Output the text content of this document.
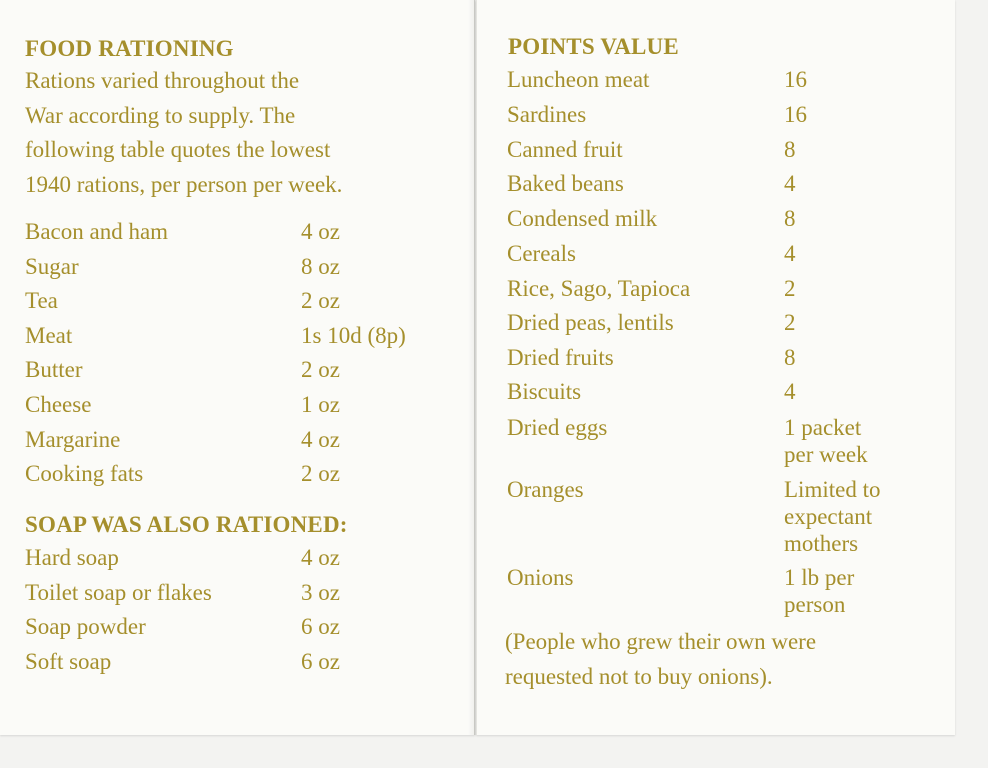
FOOD RATIONING
Rations varied throughout the
War according to supply. The
following table quotes the lowest
1940 rations, per person per week.
Bacon and ham	4 oz
Sugar	8 oz
Tea	2 oz
Meat	1s 10d (8p)
Butter	2 oz
Cheese	1 oz
Margarine	4 oz
Cooking fats	2 oz
SOAP WAS ALSO RATIONED:
Hard soap	4 oz
Toilet soap or flakes	3 oz
Soap powder	6 oz
Soft soap	6 oz
POINTS VALUE
Luncheon meat	16
Sardines	16
Canned fruit	8
Baked beans	4
Condensed milk	8
Cereals	4
Rice, Sago, Tapioca	2
Dried peas, lentils	2
Dried fruits	8
Biscuits	4
Dried eggs	1 packet
per week
Oranges	Limited to
expectant
mothers
Onions	1 lb per
person
(People who grew their own were
requested not to buy onions).
